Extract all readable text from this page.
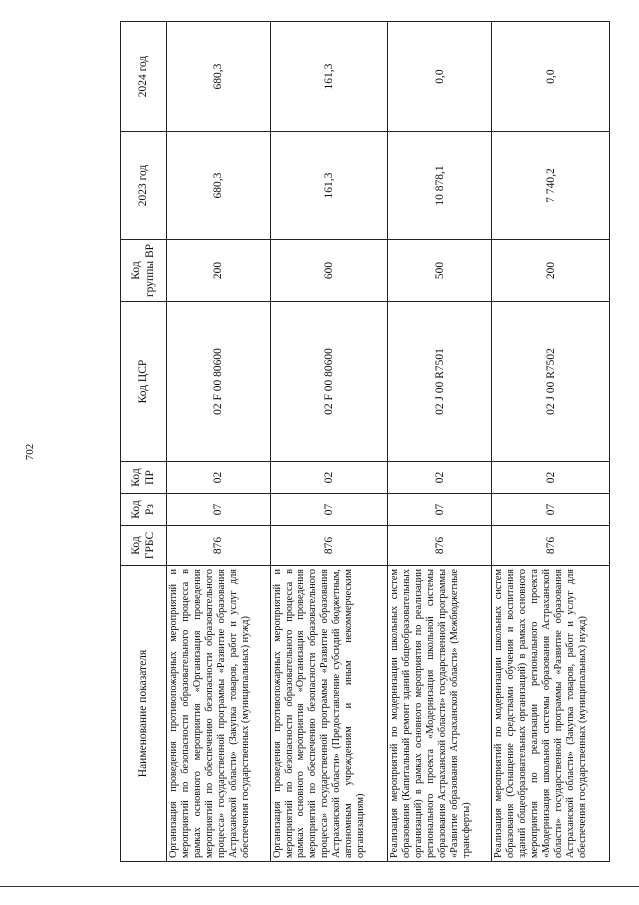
702
Наименование показателя	Код ГРБС	Код Рз	Код ПР	Код ЦСР	Код группы ВР	2023 год	2024 год
Организация проведения противопожарных мероприятий и мероприятий по безопасности образовательного процесса в рамках основного мероприятия «Организация проведения мероприятий по обеспечению безопасности образовательного процесса» государственной программы «Развитие образования Астраханской области» (Закупка товаров, работ и услуг для обеспечения государственных (муниципальных) нужд)	876	07	02	02 F 00 80600	200	680,3	680,3
Организация проведения противопожарных мероприятий и мероприятий по безопасности образовательного процесса в рамках основного мероприятия «Организация проведения мероприятий по обеспечению безопасности образовательного процесса» государственной программы «Развитие образования Астраханской области» (Предоставление субсидий бюджетным, автономным учреждениям и иным некоммерческим организациям)	876	07	02	02 F 00 80600	600	161,3	161,3
Реализация мероприятий по модернизации школьных систем образования (Капитальный ремонт зданий общеобразовательных организаций) в рамках основного мероприятия по реализации регионального проекта «Модернизация школьной системы образования Астраханской области» государственной программы «Развитие образования Астраханской области» (Межбюджетные трансферты)	876	07	02	02 J 00 R7501	500	10 878,1	0,0
Реализация мероприятий по модернизации школьных систем образования (Оснащение средствами обучения и воспитания зданий общеобразовательных организаций) в рамках основного мероприятия по реализации регионального проекта «Модернизация школьной системы образования Астраханской области» государственной программы «Развитие образования Астраханской области» (Закупка товаров, работ и услуг для обеспечения государственных (муниципальных) нужд)	876	07	02	02 J 00 R7502	200	7 740,2	0,0
